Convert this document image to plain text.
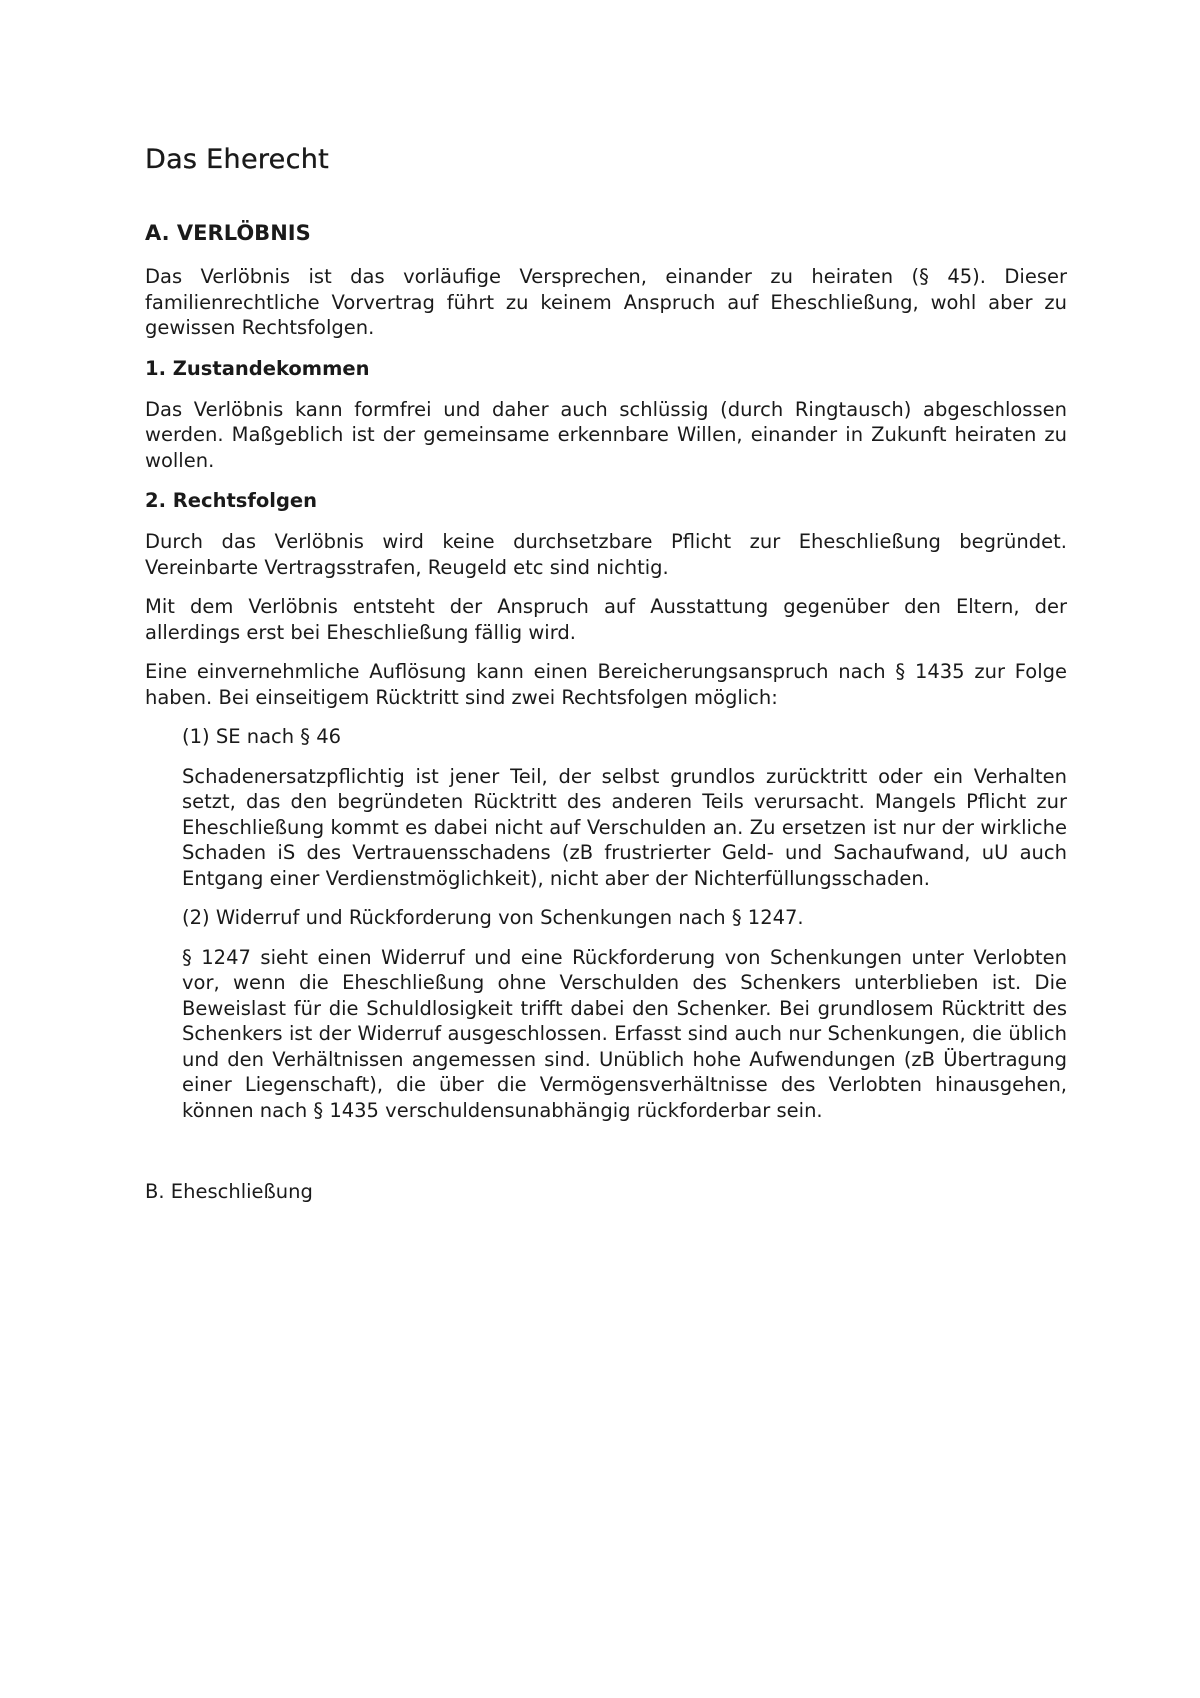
Das Eherecht
A. VERLÖBNIS

Das Verlöbnis ist das vorläufige Versprechen, einander zu heiraten (§ 45). Dieser familienrechtliche Vorvertrag führt zu keinem Anspruch auf Eheschließung, wohl aber zu gewissen Rechtsfolgen.

1. Zustandekommen

Das Verlöbnis kann formfrei und daher auch schlüssig (durch Ringtausch) abgeschlossen werden. Maßgeblich ist der gemeinsame erkennbare Willen, einander in Zukunft heiraten zu wollen.

2. Rechtsfolgen

Durch das Verlöbnis wird keine durchsetzbare Pflicht zur Eheschließung begründet. Vereinbarte Vertragsstrafen, Reugeld etc sind nichtig.

Mit dem Verlöbnis entsteht der Anspruch auf Ausstattung gegenüber den Eltern, der allerdings erst bei Eheschließung fällig wird.

Eine einvernehmliche Auflösung kann einen Bereicherungsanspruch nach § 1435 zur Folge haben. Bei einseitigem Rücktritt sind zwei Rechtsfolgen möglich:

(1) SE nach § 46

Schadenersatzpflichtig ist jener Teil, der selbst grundlos zurücktritt oder ein Verhalten setzt, das den begründeten Rücktritt des anderen Teils verursacht. Mangels Pflicht zur Eheschließung kommt es dabei nicht auf Verschulden an. Zu ersetzen ist nur der wirkliche Schaden iS des Vertrauensschadens (zB frustrierter Geld- und Sachaufwand, uU auch Entgang einer Verdienstmöglichkeit), nicht aber der Nichterfüllungsschaden.

(2) Widerruf und Rückforderung von Schenkungen nach § 1247.

§ 1247 sieht einen Widerruf und eine Rückforderung von Schenkungen unter Verlobten vor, wenn die Eheschließung ohne Verschulden des Schenkers unterblieben ist. Die Beweislast für die Schuldlosigkeit trifft dabei den Schenker. Bei grundlosem Rücktritt des Schenkers ist der Widerruf ausgeschlossen. Erfasst sind auch nur Schenkungen, die üblich und den Verhältnissen angemessen sind. Unüblich hohe Aufwendungen (zB Übertragung einer Liegenschaft), die über die Vermögensverhältnisse des Verlobten hinausgehen, können nach § 1435 verschuldensunabhängig rückforderbar sein.

B. Eheschließung
